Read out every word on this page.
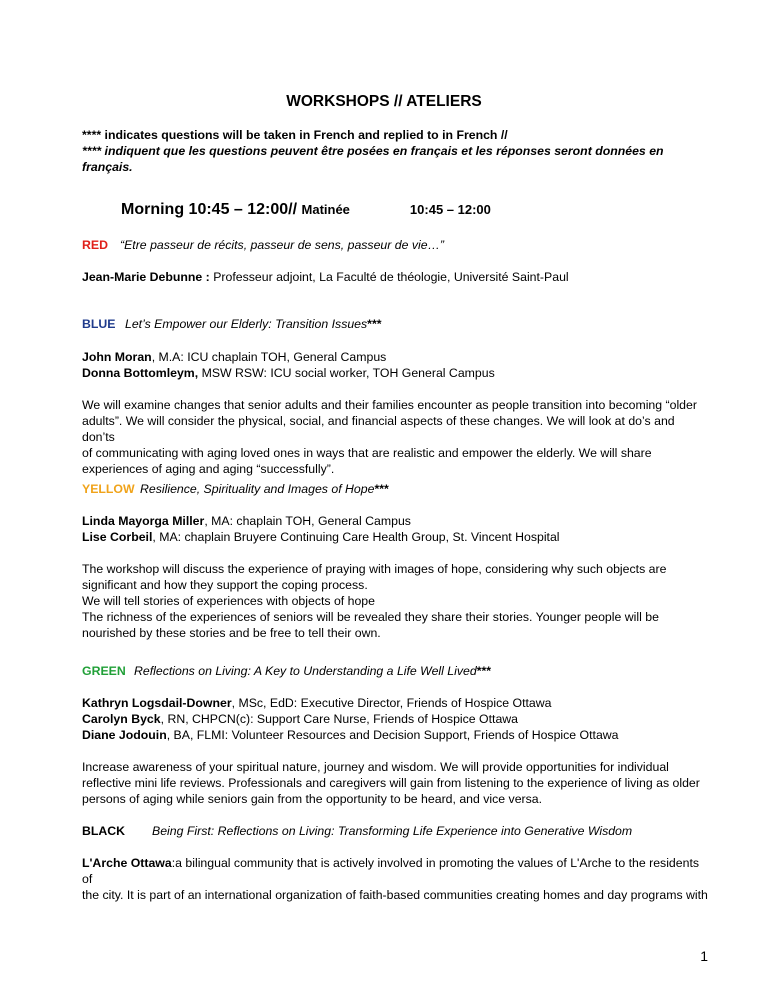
WORKSHOPS // ATELIERS

**** indicates questions will be taken in French and replied to in French //

**** indiquent que les questions peuvent être posées en français et les réponses seront données en

français.

Morning 10:45 – 12:00// Matinée	10:45 – 12:00
RED “Etre passeur de récits, passeur de sens, passeur de vie…”
Jean-Marie Debunne : Professeur adjoint, La Faculté de théologie, Université Saint-Paul
BLUE Let’s Empower our Elderly: Transition Issues***
John Moran, M.A: ICU chaplain TOH, General Campus
Donna Bottomleym, MSW RSW: ICU social worker, TOH General Campus

We will examine changes that senior adults and their families encounter as people transition into becoming “older

adults”. We will consider the physical, social, and financial aspects of these changes. We will look at do’s and don’ts

of communicating with aging loved ones in ways that are realistic and empower the elderly. We will share

experiences of aging and aging “successfully”.

YELLOW Resilience, Spirituality and Images of Hope***
Linda Mayorga Miller, MA: chaplain TOH, General Campus
Lise Corbeil, MA: chaplain Bruyere Continuing Care Health Group, St. Vincent Hospital

The workshop will discuss the experience of praying with images of hope, considering why such objects are

significant and how they support the coping process.

We will tell stories of experiences with objects of hope

The richness of the experiences of seniors will be revealed they share their stories. Younger people will be

nourished by these stories and be free to tell their own.

GREEN Reflections on Living: A Key to Understanding a Life Well Lived***
Kathryn Logsdail-Downer, MSc, EdD: Executive Director, Friends of Hospice Ottawa
Carolyn Byck, RN, CHPCN(c): Support Care Nurse, Friends of Hospice Ottawa
Diane Jodouin, BA, FLMI: Volunteer Resources and Decision Support, Friends of Hospice Ottawa

Increase awareness of your spiritual nature, journey and wisdom. We will provide opportunities for individual

reflective mini life reviews. Professionals and caregivers will gain from listening to the experience of living as older

persons of aging while seniors gain from the opportunity to be heard, and vice versa.

BLACK Being First: Reflections on Living: Transforming Life Experience into Generative Wisdom

L'Arche Ottawa:a bilingual community that is actively involved in promoting the values of L'Arche to the residents of

the city. It is part of an international organization of faith-based communities creating homes and day programs with

1
